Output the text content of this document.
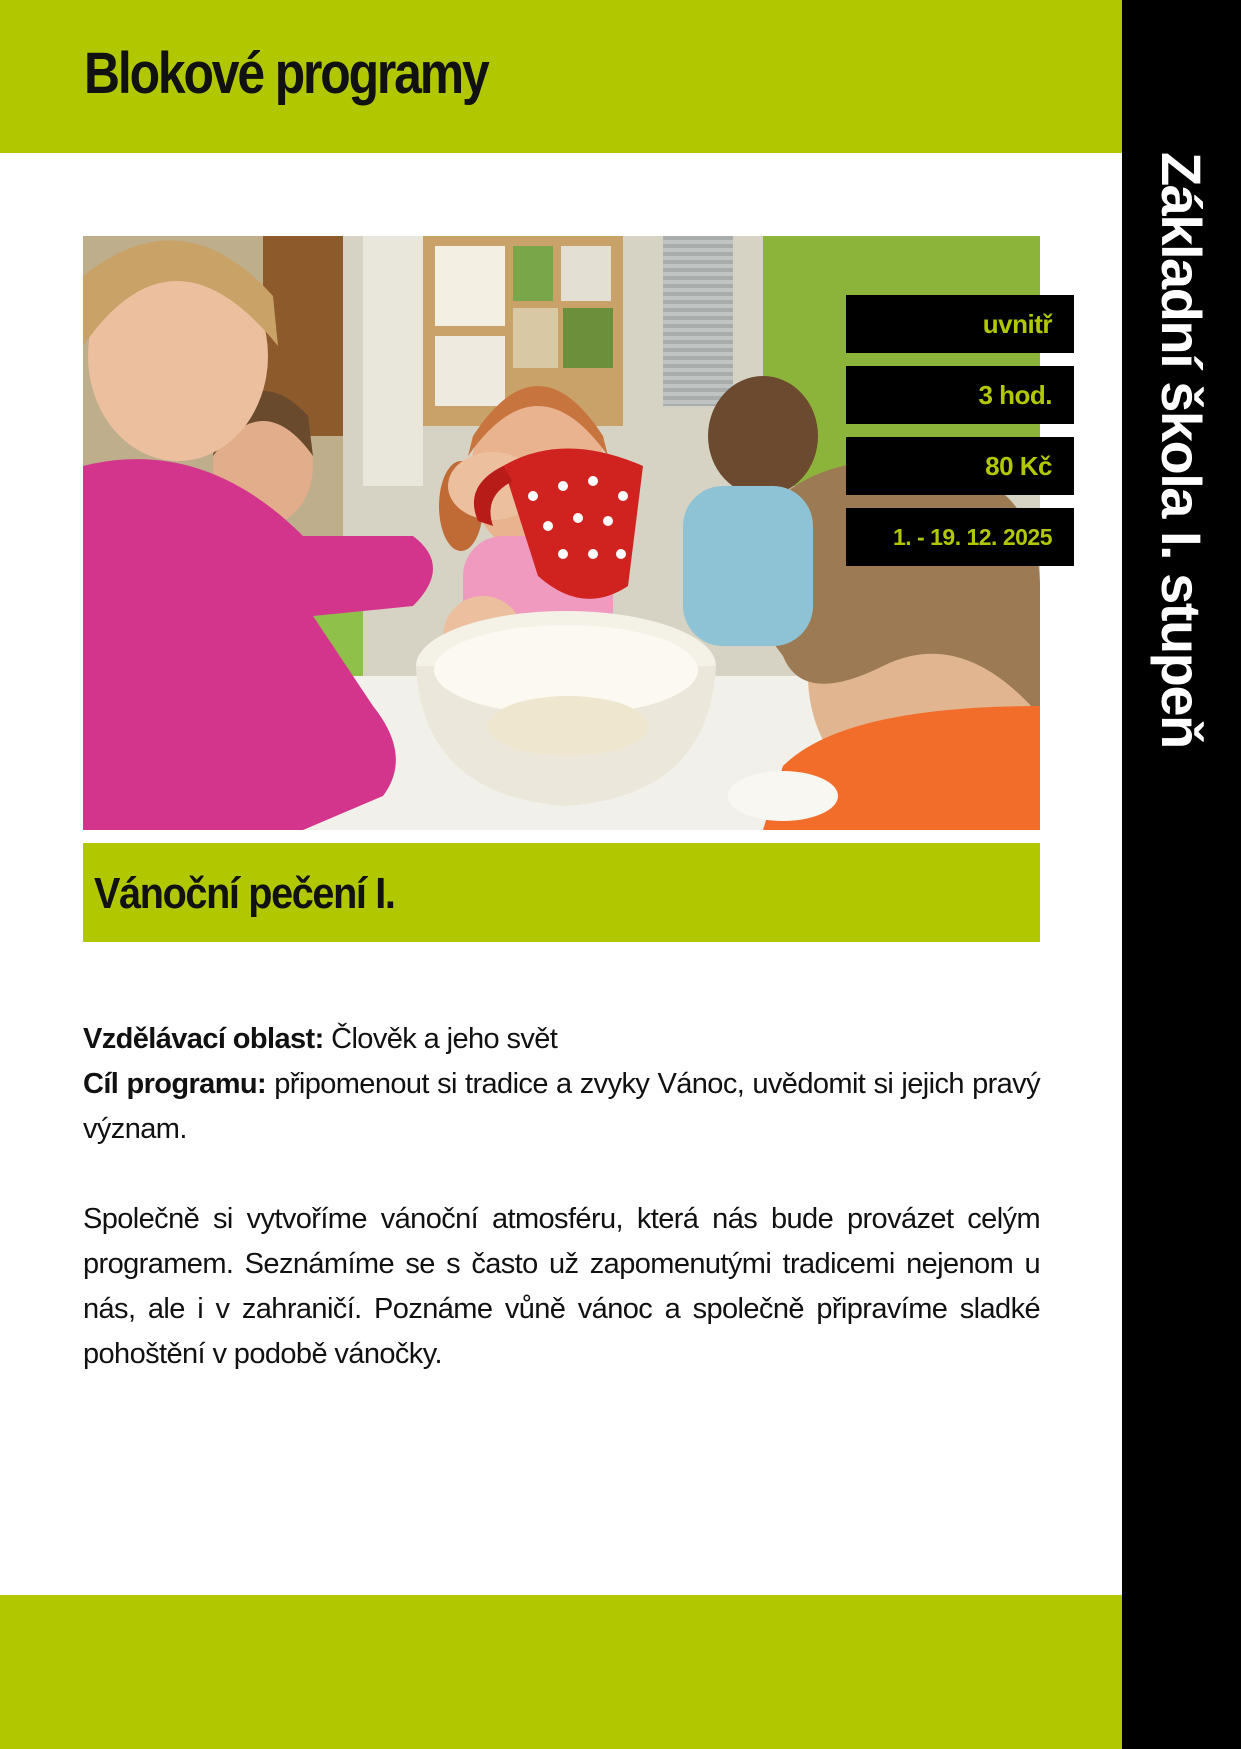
Blokové programy
Základní škola I. stupeň
uvnitř
3 hod.
80 Kč
1. - 19. 12. 2025
Vánoční pečení I.

Vzdělávací oblast: Člověk a jeho svět

Cíl programu: připomenout si tradice a zvyky Vánoc, uvědomit si jejich pravý význam.

Společně si vytvoříme vánoční atmosféru, která nás bude provázet celým programem. Seznámíme se s často už zapomenutými tradicemi nejenom u nás, ale i v zahraničí. Poznáme vůně vánoc a společně připravíme sladké pohoštění v podobě vánočky.
